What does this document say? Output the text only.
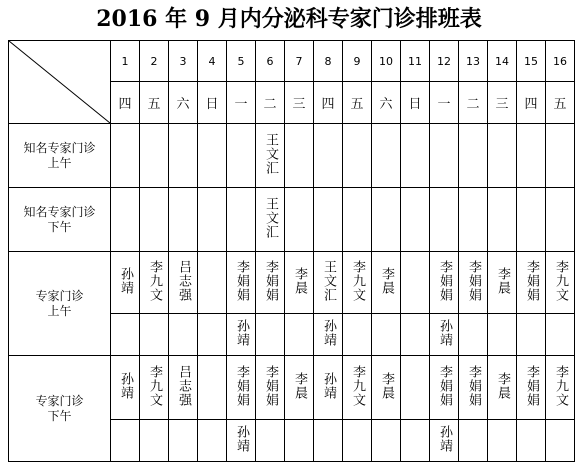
2016 年 9 月内分泌科专家门诊排班表
	1	2	3	4	5	6	7	8	9	10	11	12	13	14	15	16
	四	五	六	日	一	二	三	四	五	六	日	一	二	三	四	五

知名专家门诊
上午						王文汇										

知名专家门诊
下午						王文汇										

专家门诊
上午	孙靖	李九文	吕志强		李娟娟	李娟娟	李晨	王文汇	李九文	李晨		李娟娟	李娟娟	李晨	李娟娟	李九文
					孙靖			孙靖				孙靖				

专家门诊
下午	孙靖	李九文	吕志强		李娟娟	李娟娟	李晨	孙靖	李九文	李晨		李娟娟	李娟娟	李晨	李娟娟	李九文
					孙靖							孙靖				
